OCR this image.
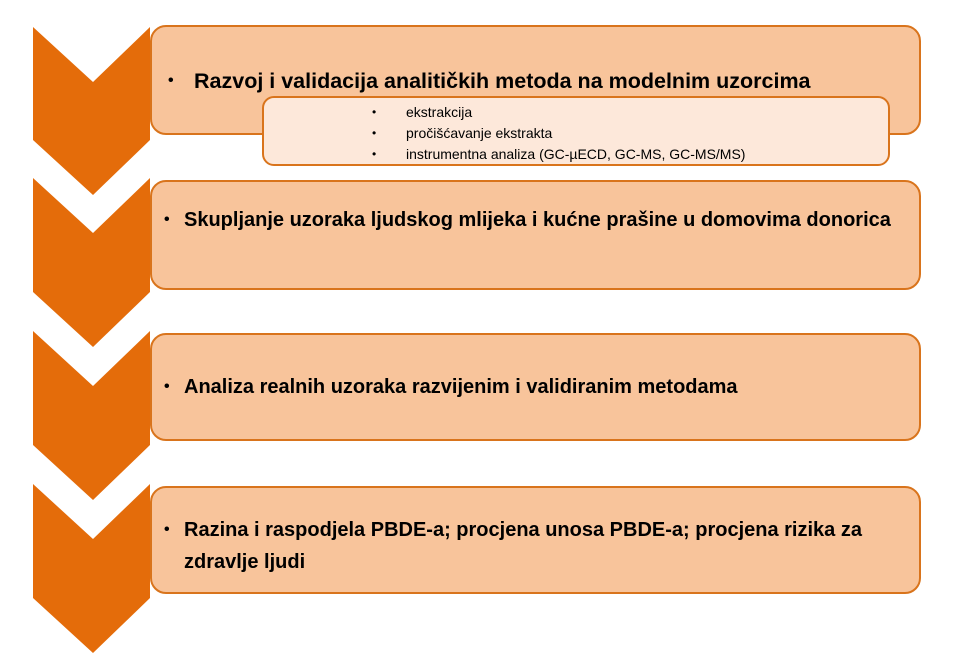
• Razvoj i validacija analitičkih metoda na modelnim uzorcima

• Skupljanje uzoraka ljudskog mlijeka i kućne prašine u domovima donorica

• Analiza realnih uzoraka razvijenim i validiranim metodama

• Razina i raspodjela PBDE-a; procjena unosa PBDE-a; procjena rizika za zdravlje ljudi

•	ekstrakcija
•	pročišćavanje ekstrakta
•	instrumentna analiza (GC-µECD, GC-MS, GC-MS/MS)
